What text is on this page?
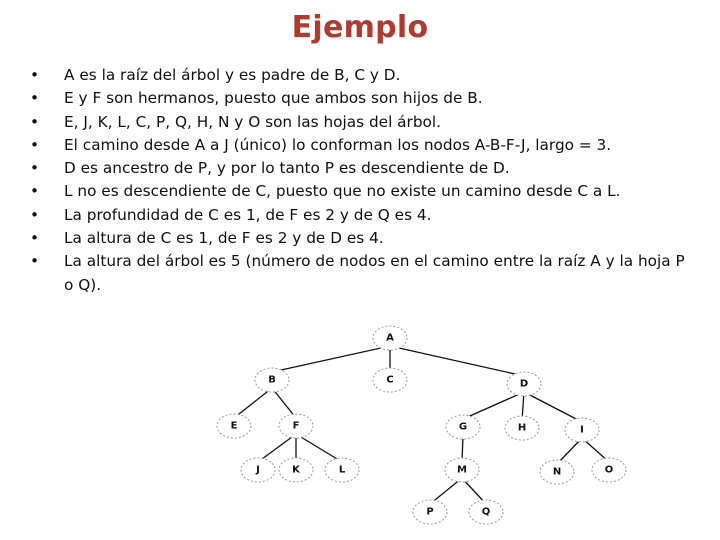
Ejemplo
• A es la raíz del árbol y es padre de B, C y D.
• E y F son hermanos, puesto que ambos son hijos de B.
• E, J, K, L, C, P, Q, H, N y O son las hojas del árbol.
• El camino desde A a J (único) lo conforman los nodos A-B-F-J, largo = 3.
• D es ancestro de P, y por lo tanto P es descendiente de D.
• L no es descendiente de C, puesto que no existe un camino desde C a L.
• La profundidad de C es 1, de F es 2 y de Q es 4.
• La altura de C es 1, de F es 2 y de D es 4.
• La altura del árbol es 5 (número de nodos en el camino entre la raíz A y la hoja P o Q).
A
B	C	D
E	F	G	H	I
J	K	L	M	N	O
P	Q
